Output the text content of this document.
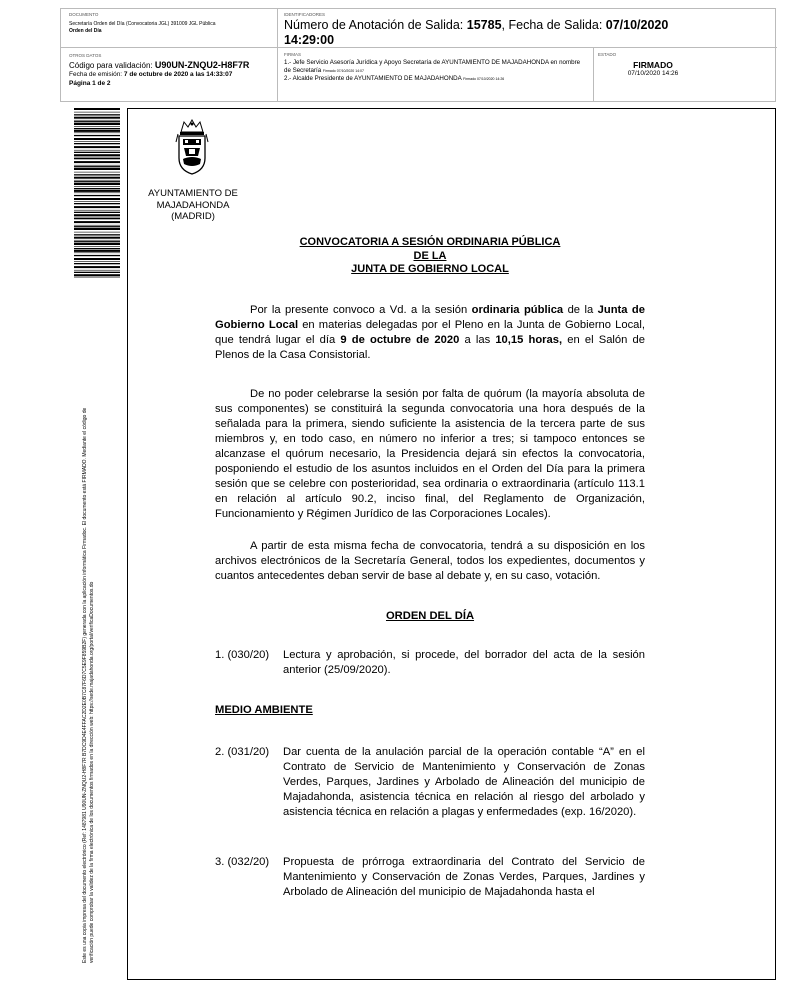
DOCUMENTO
Secretaría Orden del Día (Convocatoria JGL) 391009 JGL Pública
Orden del Día
IDENTIFICADORES
Número de Anotación de Salida: 15785, Fecha de Salida: 07/10/2020
14:29:00
OTROS DATOS
Código para validación: U90UN-ZNQU2-H8F7R
Fecha de emisión: 7 de octubre de 2020 a las 14:33:07
Página 1 de 2
FIRMAS
1.- Jefe Servicio Asesoría Jurídica y Apoyo Secretaría de AYUNTAMIENTO DE MAJADAHONDA en nombre de Secretaría Firmado 07/10/2020 14:07
2.- Alcalde Presidente de AYUNTAMIENTO DE MAJADAHONDA Firmado 07/10/2020 14:26
ESTADO
FIRMADO
07/10/2020 14:26
Este es una copia impresa del documento electrónico (Ref: 1487981 U90UN-ZNQU2-H8F7R B7DC9D4E4FFAC2D2E0B7C87F6D7C5E9F859B2F) generada con la aplicación informática Firmadoc. El documento está FIRMADO. Mediante el código de verificación puede comprobar la validez de la firma electrónica de los documentos firmados en la dirección web: https://sede.majadahonda.org/portal/verificaDocumentos.do
AYUNTAMIENTO DE
MAJADAHONDA
(MADRID)
CONVOCATORIA A SESIÓN ORDINARIA PÚBLICA
DE LA
JUNTA DE GOBIERNO LOCAL
Por la presente convoco a Vd. a la sesión ordinaria pública de la Junta de Gobierno Local en materias delegadas por el Pleno en la Junta de Gobierno Local, que tendrá lugar el día 9 de octubre de 2020 a las 10,15 horas, en el Salón de Plenos de la Casa Consistorial.
De no poder celebrarse la sesión por falta de quórum (la mayoría absoluta de sus componentes) se constituirá la segunda convocatoria una hora después de la señalada para la primera, siendo suficiente la asistencia de la tercera parte de sus miembros y, en todo caso, en número no inferior a tres; si tampoco entonces se alcanzase el quórum necesario, la Presidencia dejará sin efectos la convocatoria, posponiendo el estudio de los asuntos incluidos en el Orden del Día para la primera sesión que se celebre con posterioridad, sea ordinaria o extraordinaria (artículo 113.1 en relación al artículo 90.2, inciso final, del Reglamento de Organización, Funcionamiento y Régimen Jurídico de las Corporaciones Locales).
A partir de esta misma fecha de convocatoria, tendrá a su disposición en los archivos electrónicos de la Secretaría General, todos los expedientes, documentos y cuantos antecedentes deban servir de base al debate y, en su caso, votación.
ORDEN DEL DÍA
1. (030/20) Lectura y aprobación, si procede, del borrador del acta de la sesión anterior (25/09/2020).
MEDIO AMBIENTE
2. (031/20) Dar cuenta de la anulación parcial de la operación contable “A” en el Contrato de Servicio de Mantenimiento y Conservación de Zonas Verdes, Parques, Jardines y Arbolado de Alineación del municipio de Majadahonda, asistencia técnica en relación al riesgo del arbolado y asistencia técnica en relación a plagas y enfermedades (exp. 16/2020).
3. (032/20) Propuesta de prórroga extraordinaria del Contrato del Servicio de Mantenimiento y Conservación de Zonas Verdes, Parques, Jardines y Arbolado de Alineación del municipio de Majadahonda hasta el
